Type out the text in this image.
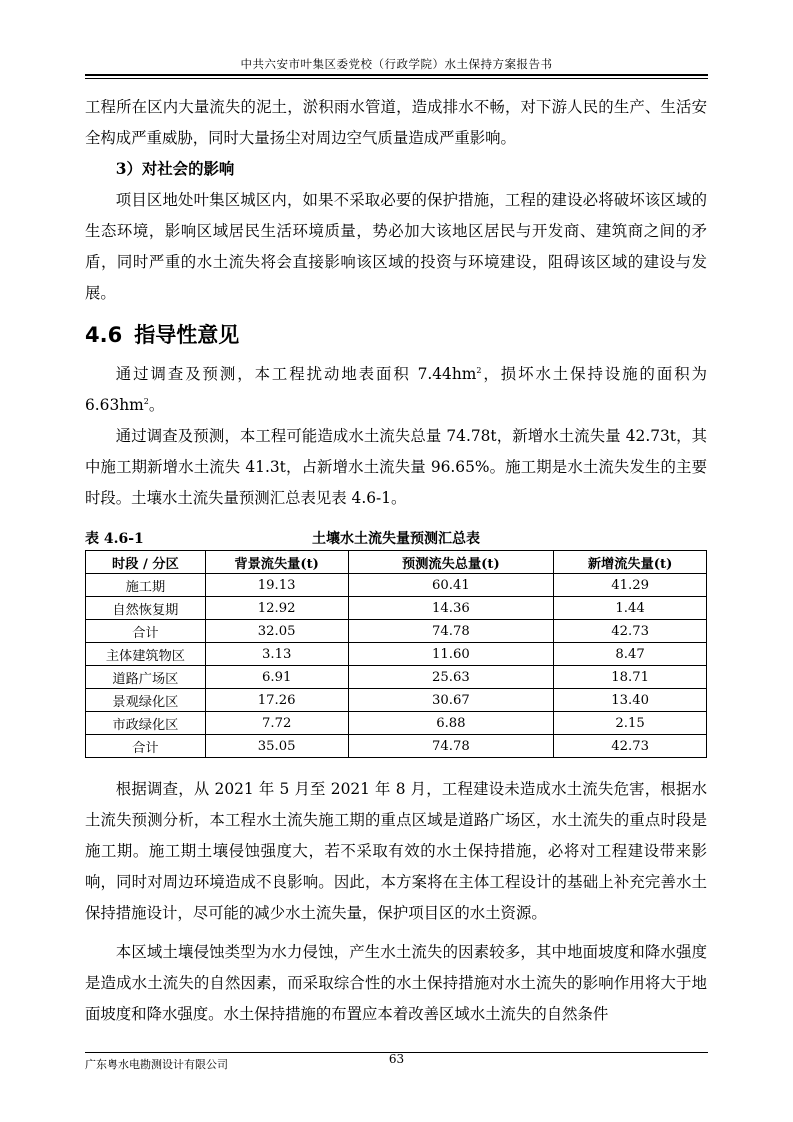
中共六安市叶集区委党校（行政学院）水土保持方案报告书

工程所在区内大量流失的泥土，淤积雨水管道，造成排水不畅，对下游人民的生产、生活安全构成严重威胁，同时大量扬尘对周边空气质量造成严重影响。

3）对社会的影响

项目区地处叶集区城区内，如果不采取必要的保护措施，工程的建设必将破坏该区域的生态环境，影响区域居民生活环境质量，势必加大该地区居民与开发商、建筑商之间的矛盾，同时严重的水土流失将会直接影响该区域的投资与环境建设，阻碍该区域的建设与发展。

4.6 指导性意见

通过调查及预测，本工程扰动地表面积 $7.44hm^2$，损坏水土保持设施的面积为 $6.63hm^2$。

通过调查及预测，本工程可能造成水土流失总量 74.78t，新增水土流失量 42.73t，其中施工期新增水土流失 41.3t，占新增水土流失量 96.65%。施工期是水土流失发生的主要时段。土壤水土流失量预测汇总表见表 4.6-1。

表 4.6-1	土壤水土流失量预测汇总表
时段 / 分区	背景流失量(t)	预测流失总量(t)	新增流失量(t)
施工期	19.13	60.41	41.29
自然恢复期	12.92	14.36	1.44
合计	32.05	74.78	42.73
主体建筑物区	3.13	11.60	8.47
道路广场区	6.91	25.63	18.71
景观绿化区	17.26	30.67	13.40
市政绿化区	7.72	6.88	2.15
合计	35.05	74.78	42.73

根据调查，从 2021 年 5 月至 2021 年 8 月，工程建设未造成水土流失危害，根据水土流失预测分析，本工程水土流失施工期的重点区域是道路广场区，水土流失的重点时段是施工期。施工期土壤侵蚀强度大，若不采取有效的水土保持措施，必将对工程建设带来影响，同时对周边环境造成不良影响。因此，本方案将在主体工程设计的基础上补充完善水土保持措施设计，尽可能的减少水土流失量，保护项目区的水土资源。

本区域土壤侵蚀类型为水力侵蚀，产生水土流失的因素较多，其中地面坡度和降水强度是造成水土流失的自然因素，而采取综合性的水土保持措施对水土流失的影响作用将大于地面坡度和降水强度。水土保持措施的布置应本着改善区域水土流失的自然条件

广东粤水电勘测设计有限公司	63
